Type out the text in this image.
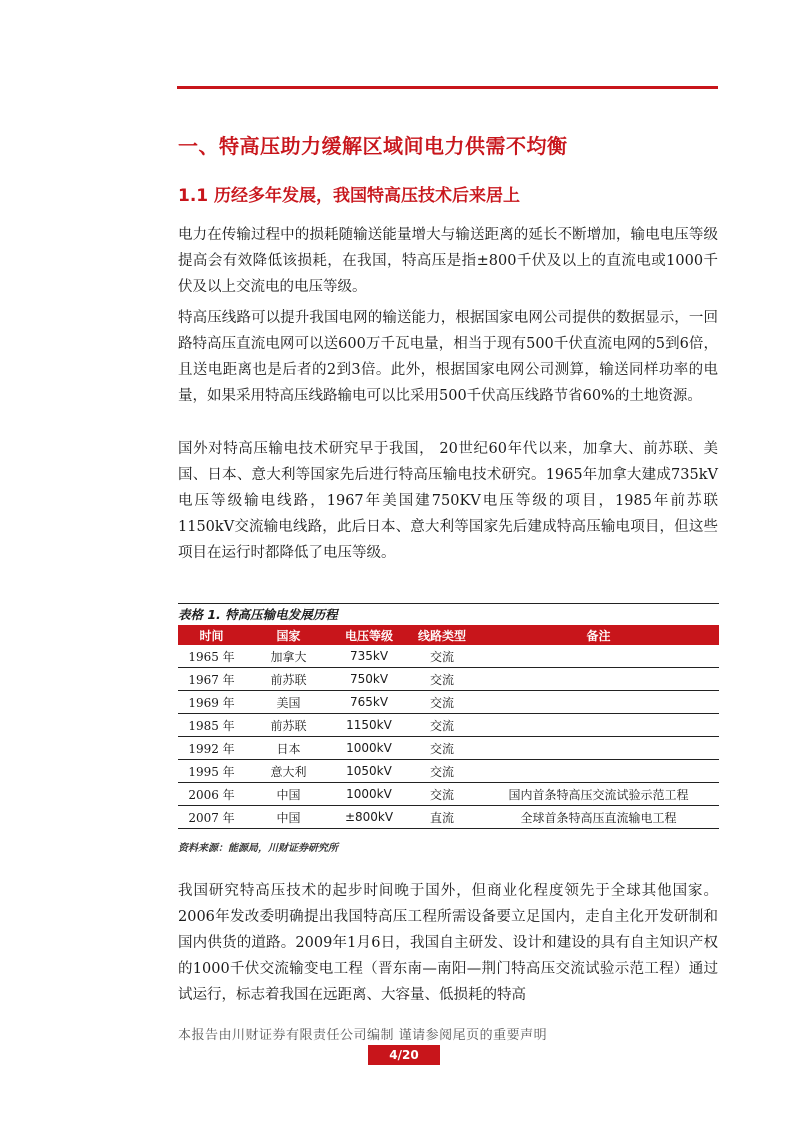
一、特高压助力缓解区域间电力供需不均衡
1.1 历经多年发展，我国特高压技术后来居上

电力在传输过程中的损耗随输送能量增大与输送距离的延长不断增加，输电电压等级提高会有效降低该损耗，在我国，特高压是指±800千伏及以上的直流电或1000千伏及以上交流电的电压等级。

特高压线路可以提升我国电网的输送能力，根据国家电网公司提供的数据显示，一回路特高压直流电网可以送600万千瓦电量，相当于现有500千伏直流电网的5到6倍，且送电距离也是后者的2到3倍。此外，根据国家电网公司测算，输送同样功率的电量，如果采用特高压线路输电可以比采用500千伏高压线路节省60%的土地资源。

国外对特高压输电技术研究早于我国， 20世纪60年代以来，加拿大、前苏联、美国、日本、意大利等国家先后进行特高压输电技术研究。1965年加拿大建成735kV电压等级输电线路，1967年美国建750KV电压等级的项目，1985年前苏联1150kV交流输电线路，此后日本、意大利等国家先后建成特高压输电项目，但这些项目在运行时都降低了电压等级。

表格 1. 特高压输电发展历程
时间	国家	电压等级	线路类型	备注
1965 年	加拿大	735kV	交流	
1967 年	前苏联	750kV	交流	
1969 年	美国	765kV	交流	
1985 年	前苏联	1150kV	交流	
1992 年	日本	1000kV	交流	
1995 年	意大利	1050kV	交流	
2006 年	中国	1000kV	交流	国内首条特高压交流试验示范工程
2007 年	中国	±800kV	直流	全球首条特高压直流输电工程
资料来源：能源局，川财证券研究所

我国研究特高压技术的起步时间晚于国外，但商业化程度领先于全球其他国家。2006年发改委明确提出我国特高压工程所需设备要立足国内，走自主化开发研制和国内供货的道路。2009年1月6日，我国自主研发、设计和建设的具有自主知识产权的1000千伏交流输变电工程（晋东南—南阳—荆门特高压交流试验示范工程）通过试运行，标志着我国在远距离、大容量、低损耗的特高

本报告由川财证券有限责任公司编制 谨请参阅尾页的重要声明
4/20
